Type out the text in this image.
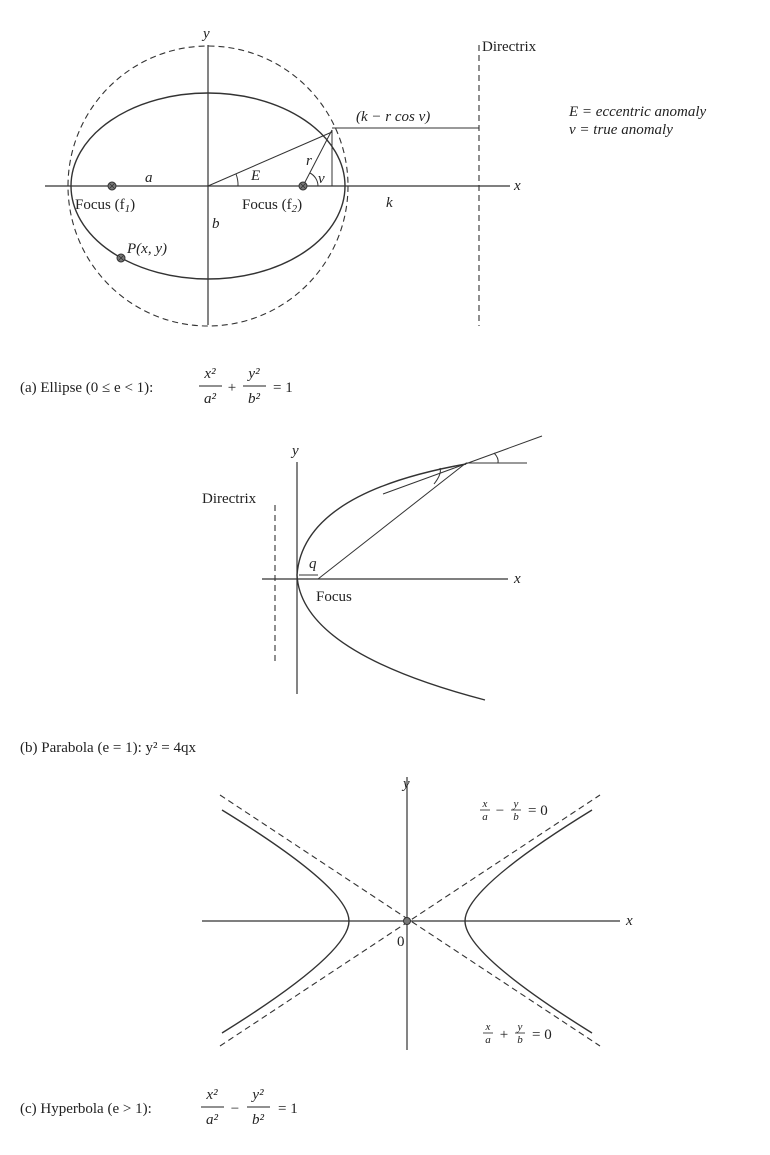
y
x
Directrix
(k − r cos v)	E = eccentric anomaly
v = true anomaly
a
b
E
r
v
k
Focus $(f_1)$	Focus $(f_2)$
P(x, y)
(a) Ellipse (0 ≤ e < 1):
x²
a²
+
y²
b²
= 1
y
x
Directrix
q
Focus
(b) Parabola (e = 1): y² = 4qx
y
x
0
x
a − y
b = 0
x
a + y
b = 0
(c) Hyperbola (e > 1):
x²
a²
−
y²
b²
= 1
